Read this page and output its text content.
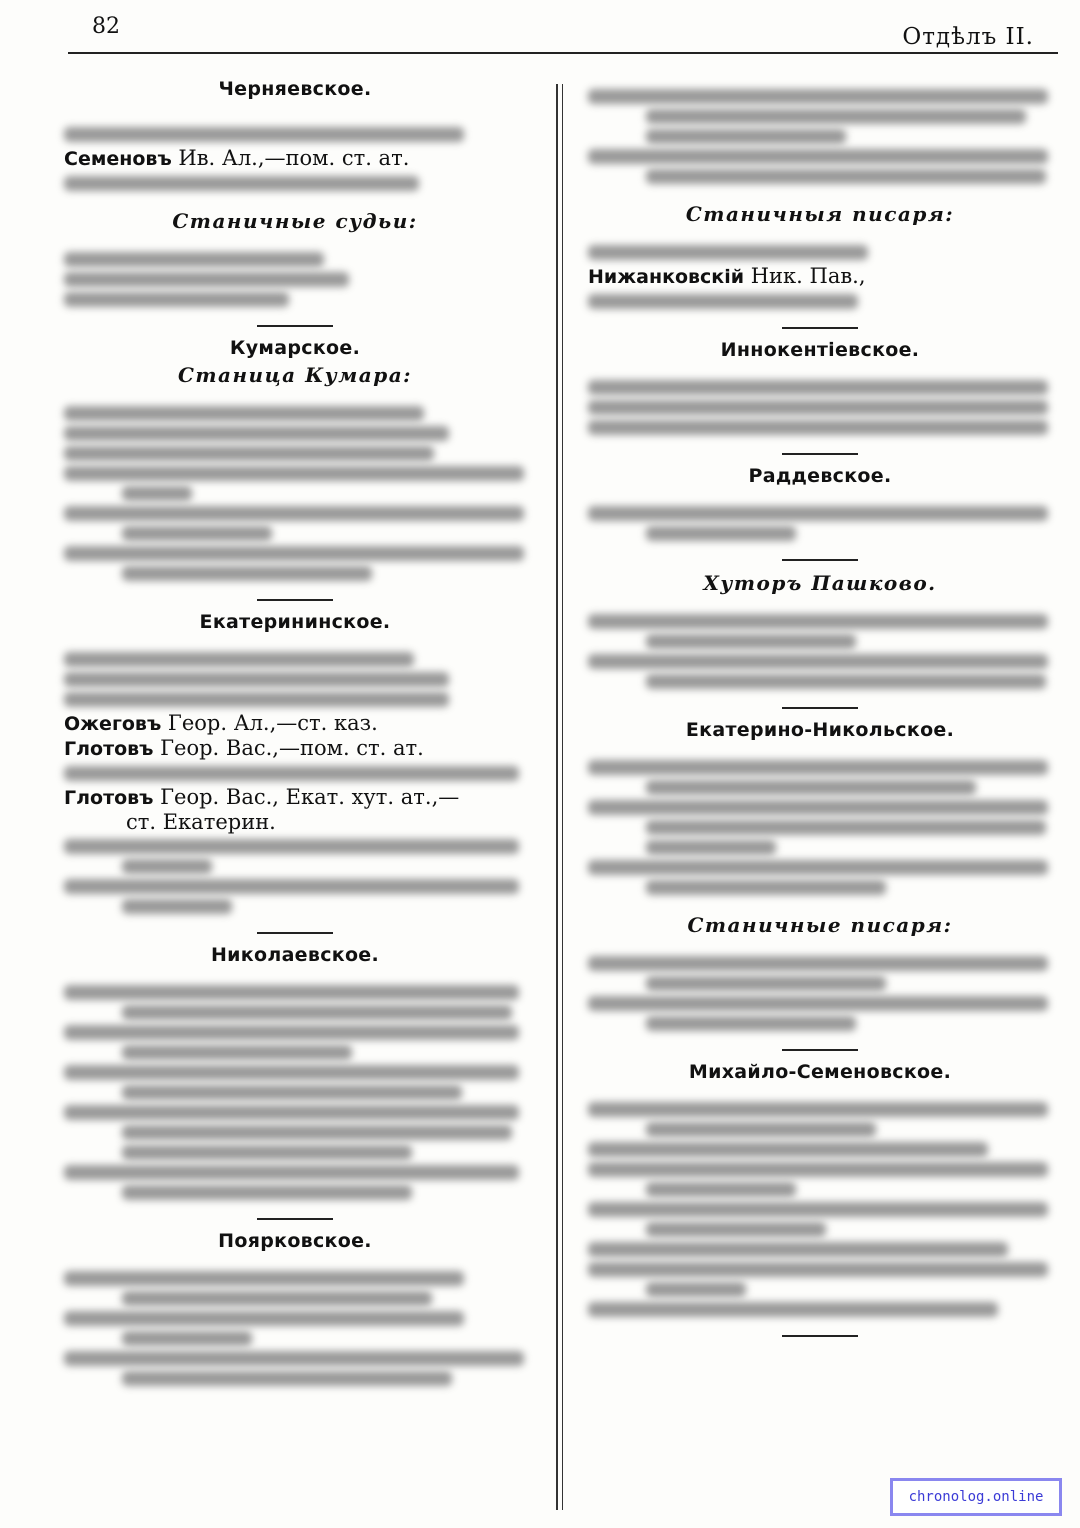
82	Отдѣлъ II.
Черняевское.

Семеновъ Ив. Ал.,—пом. ст. ат.

Станичные судьи:
Кумарское.
Станица Кумара:
Екатерининское.

Ожеговъ Геор. Ал.,—ст. каз.

Глотовъ Геор. Вас.,—пом. ст. ат.

Глотовъ Геор. Вас., Екат. хут. ат.,—

ст. Екатерин.

Николаевское.
Поярковское.
Станичныя писаря:

Нижанковскій Ник. Пав.,

Иннокентіевское.
Раддевское.
Хуторъ Пашково.
Екатерино-Никольское.
Станичные писаря:
Михайло-Семеновское.
chronolog.online
